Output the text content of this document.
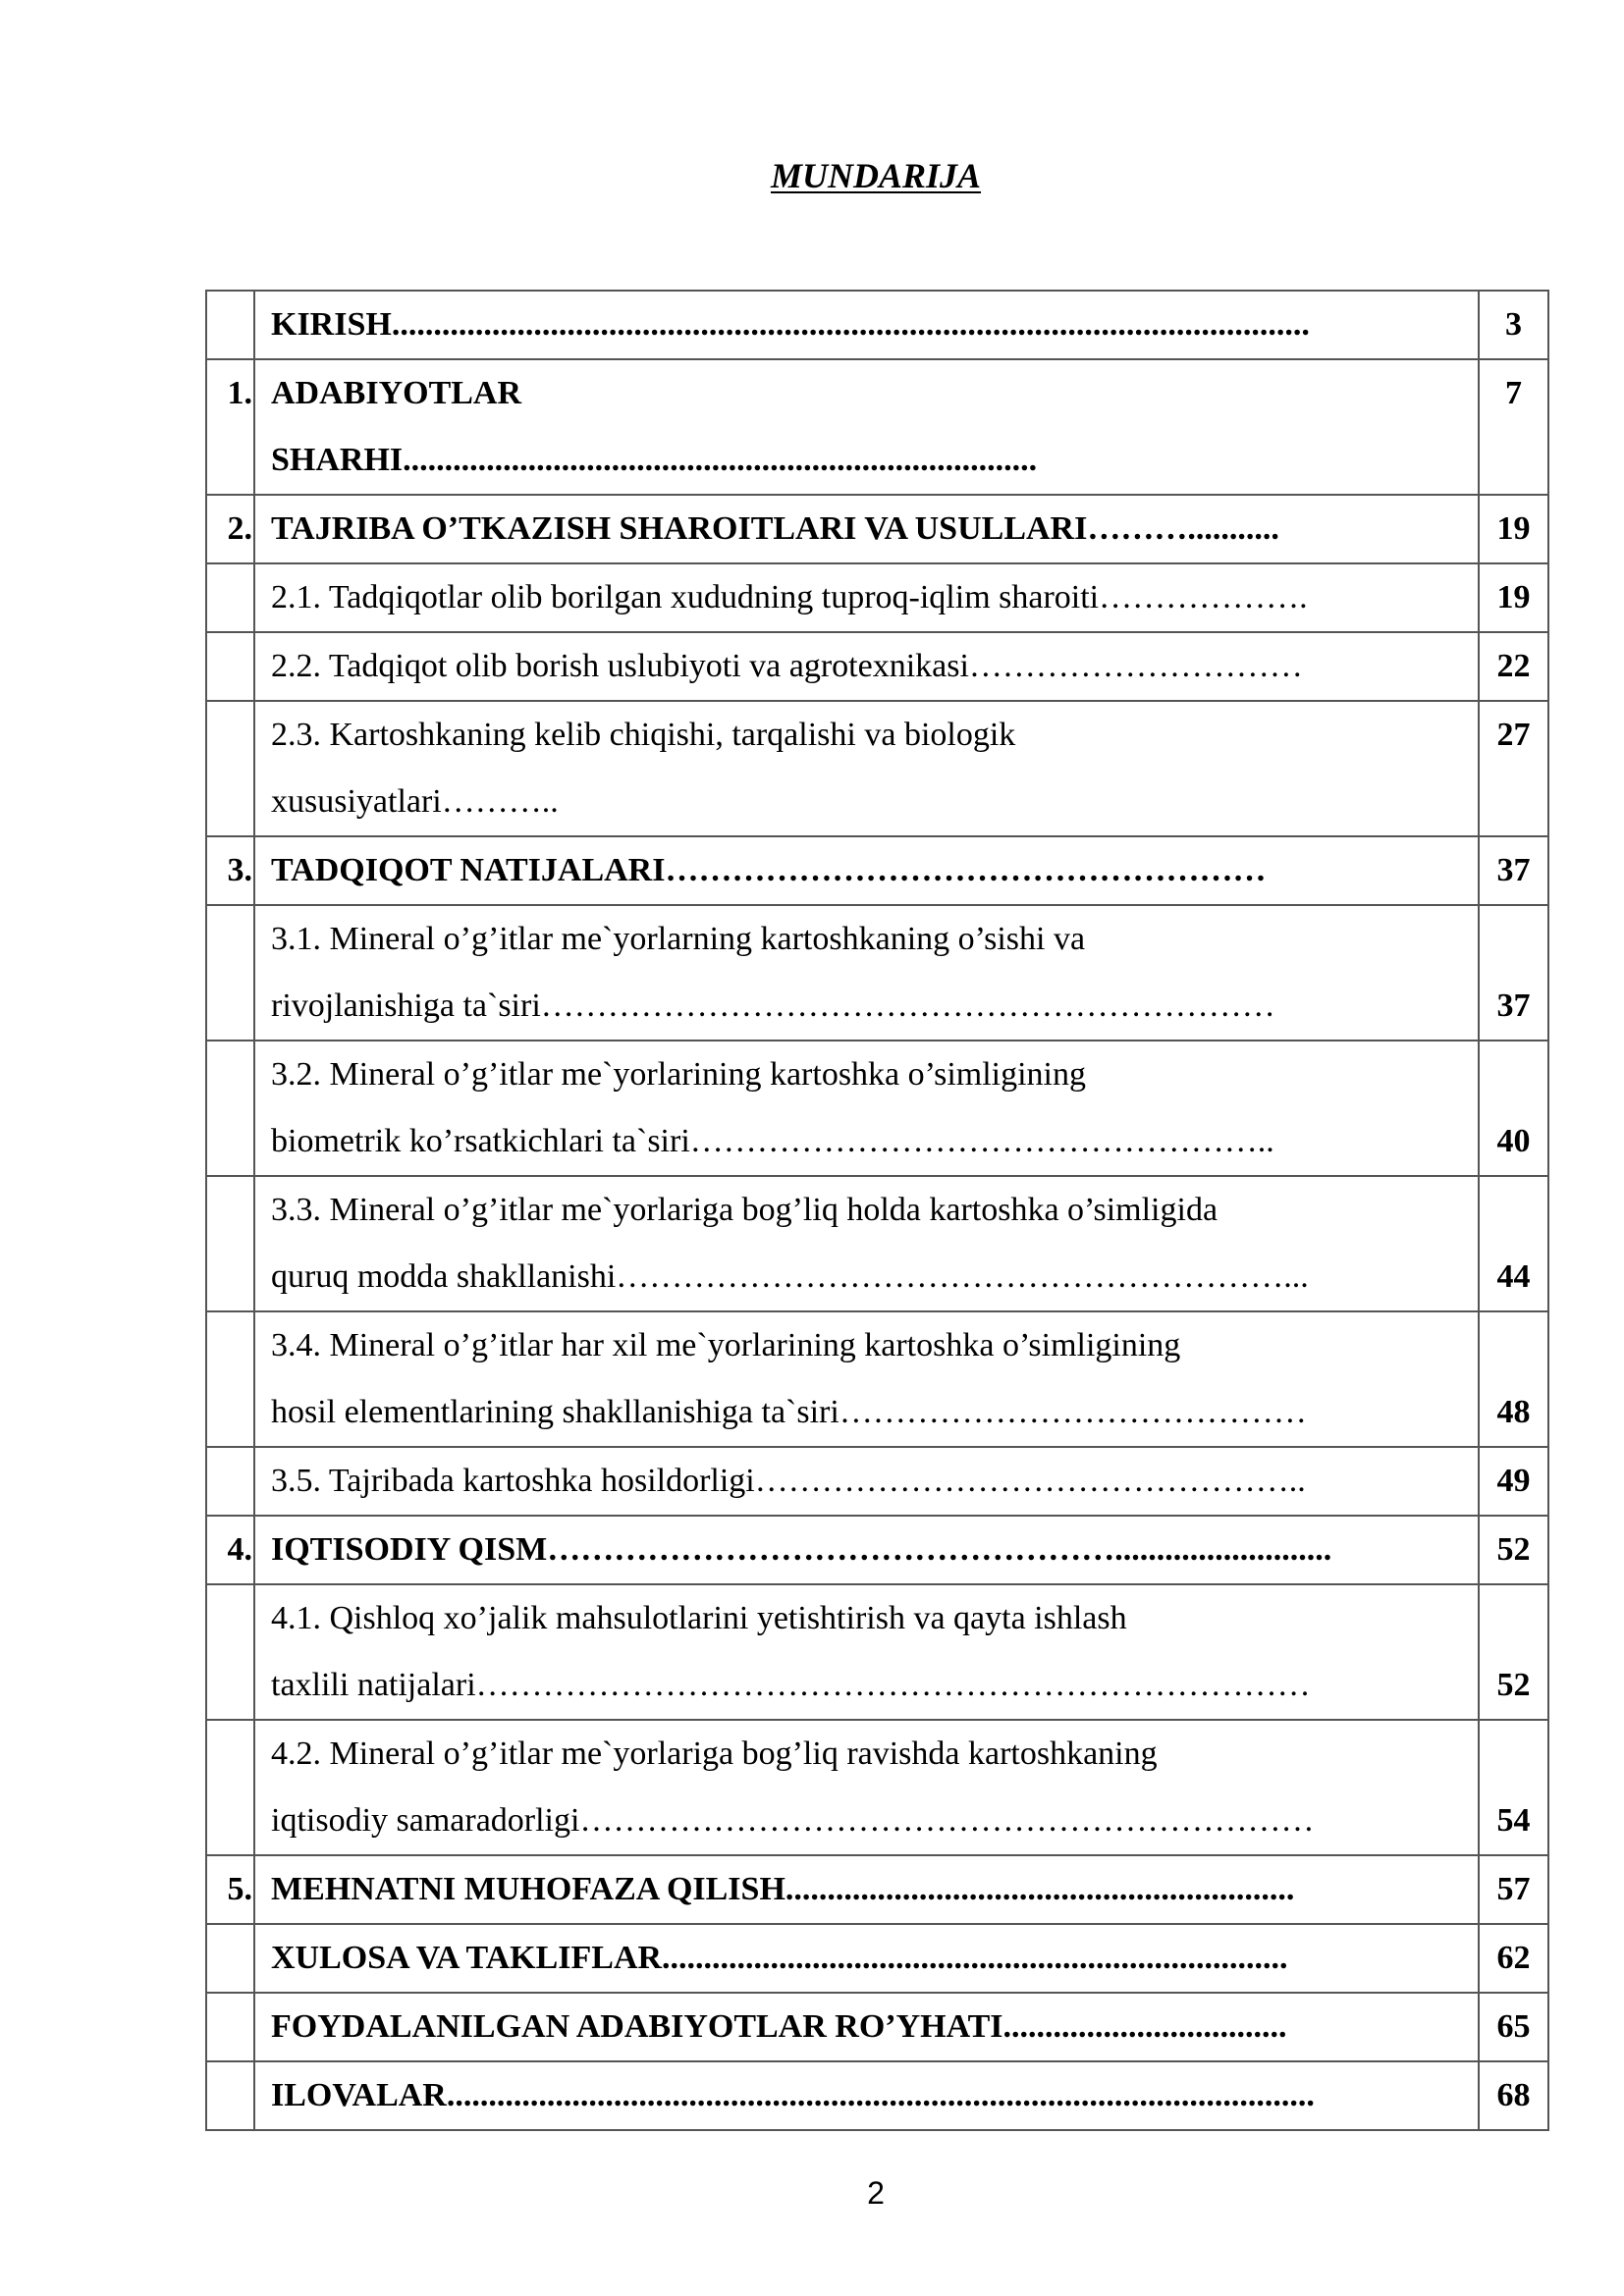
MUNDARIJA

	KIRISH..............................................................................................................	3
1.	ADABIYOTLAR
SHARHI............................................................................	7
2.	TAJRIBA O’TKAZISH SHAROITLARI VA USULLARI………...........	19

	2.1. Tadqiqotlar olib borilgan xududning tuproq-iqlim sharoiti……………….	19

	2.2. Tadqiqot olib borish uslubiyoti va agrotexnikasi…………………………	22

	2.3. Kartoshkaning kelib chiqishi, tarqalishi va biologik
xususiyatlari………..	27
3.	TADQIQOT NATIJALARI………………………………………………	37

	3.1. Mineral o’g’itlar me`yorlarning kartoshkaning o’sishi va
rivojlanishiga ta`siri…………………………………………………………	37

	3.2. Mineral o’g’itlar me`yorlarining kartoshka o’simligining
biometrik ko’rsatkichlari ta`siri……………………………………………..	40

	3.3. Mineral o’g’itlar me`yorlariga bog’liq holda kartoshka o’simligida
quruq modda shakllanishi……………………………………………………...	44

	3.4. Mineral o’g’itlar har xil me`yorlarining kartoshka o’simligining
hosil elementlarining shakllanishiga ta`siri……………………………………	48

	3.5. Tajribada kartoshka hosildorligi…………………………………………..	49
4.	IQTISODIY QISM……………………………………………..........................	52

	4.1. Qishloq xo’jalik mahsulotlarini yetishtirish va qayta ishlash
taxlili natijalari…………………………………………………………………	52

	4.2. Mineral o’g’itlar me`yorlariga bog’liq ravishda kartoshkaning
iqtisodiy samaradorligi…………………………………………………………	54
5.	MEHNATNI MUHOFAZA QILISH.............................................................	57

	XULOSA VA TAKLIFLAR...........................................................................	62

	FOYDALANILGAN ADABIYOTLAR RO’YHATI..................................	65

	ILOVALAR........................................................................................................	68
2
